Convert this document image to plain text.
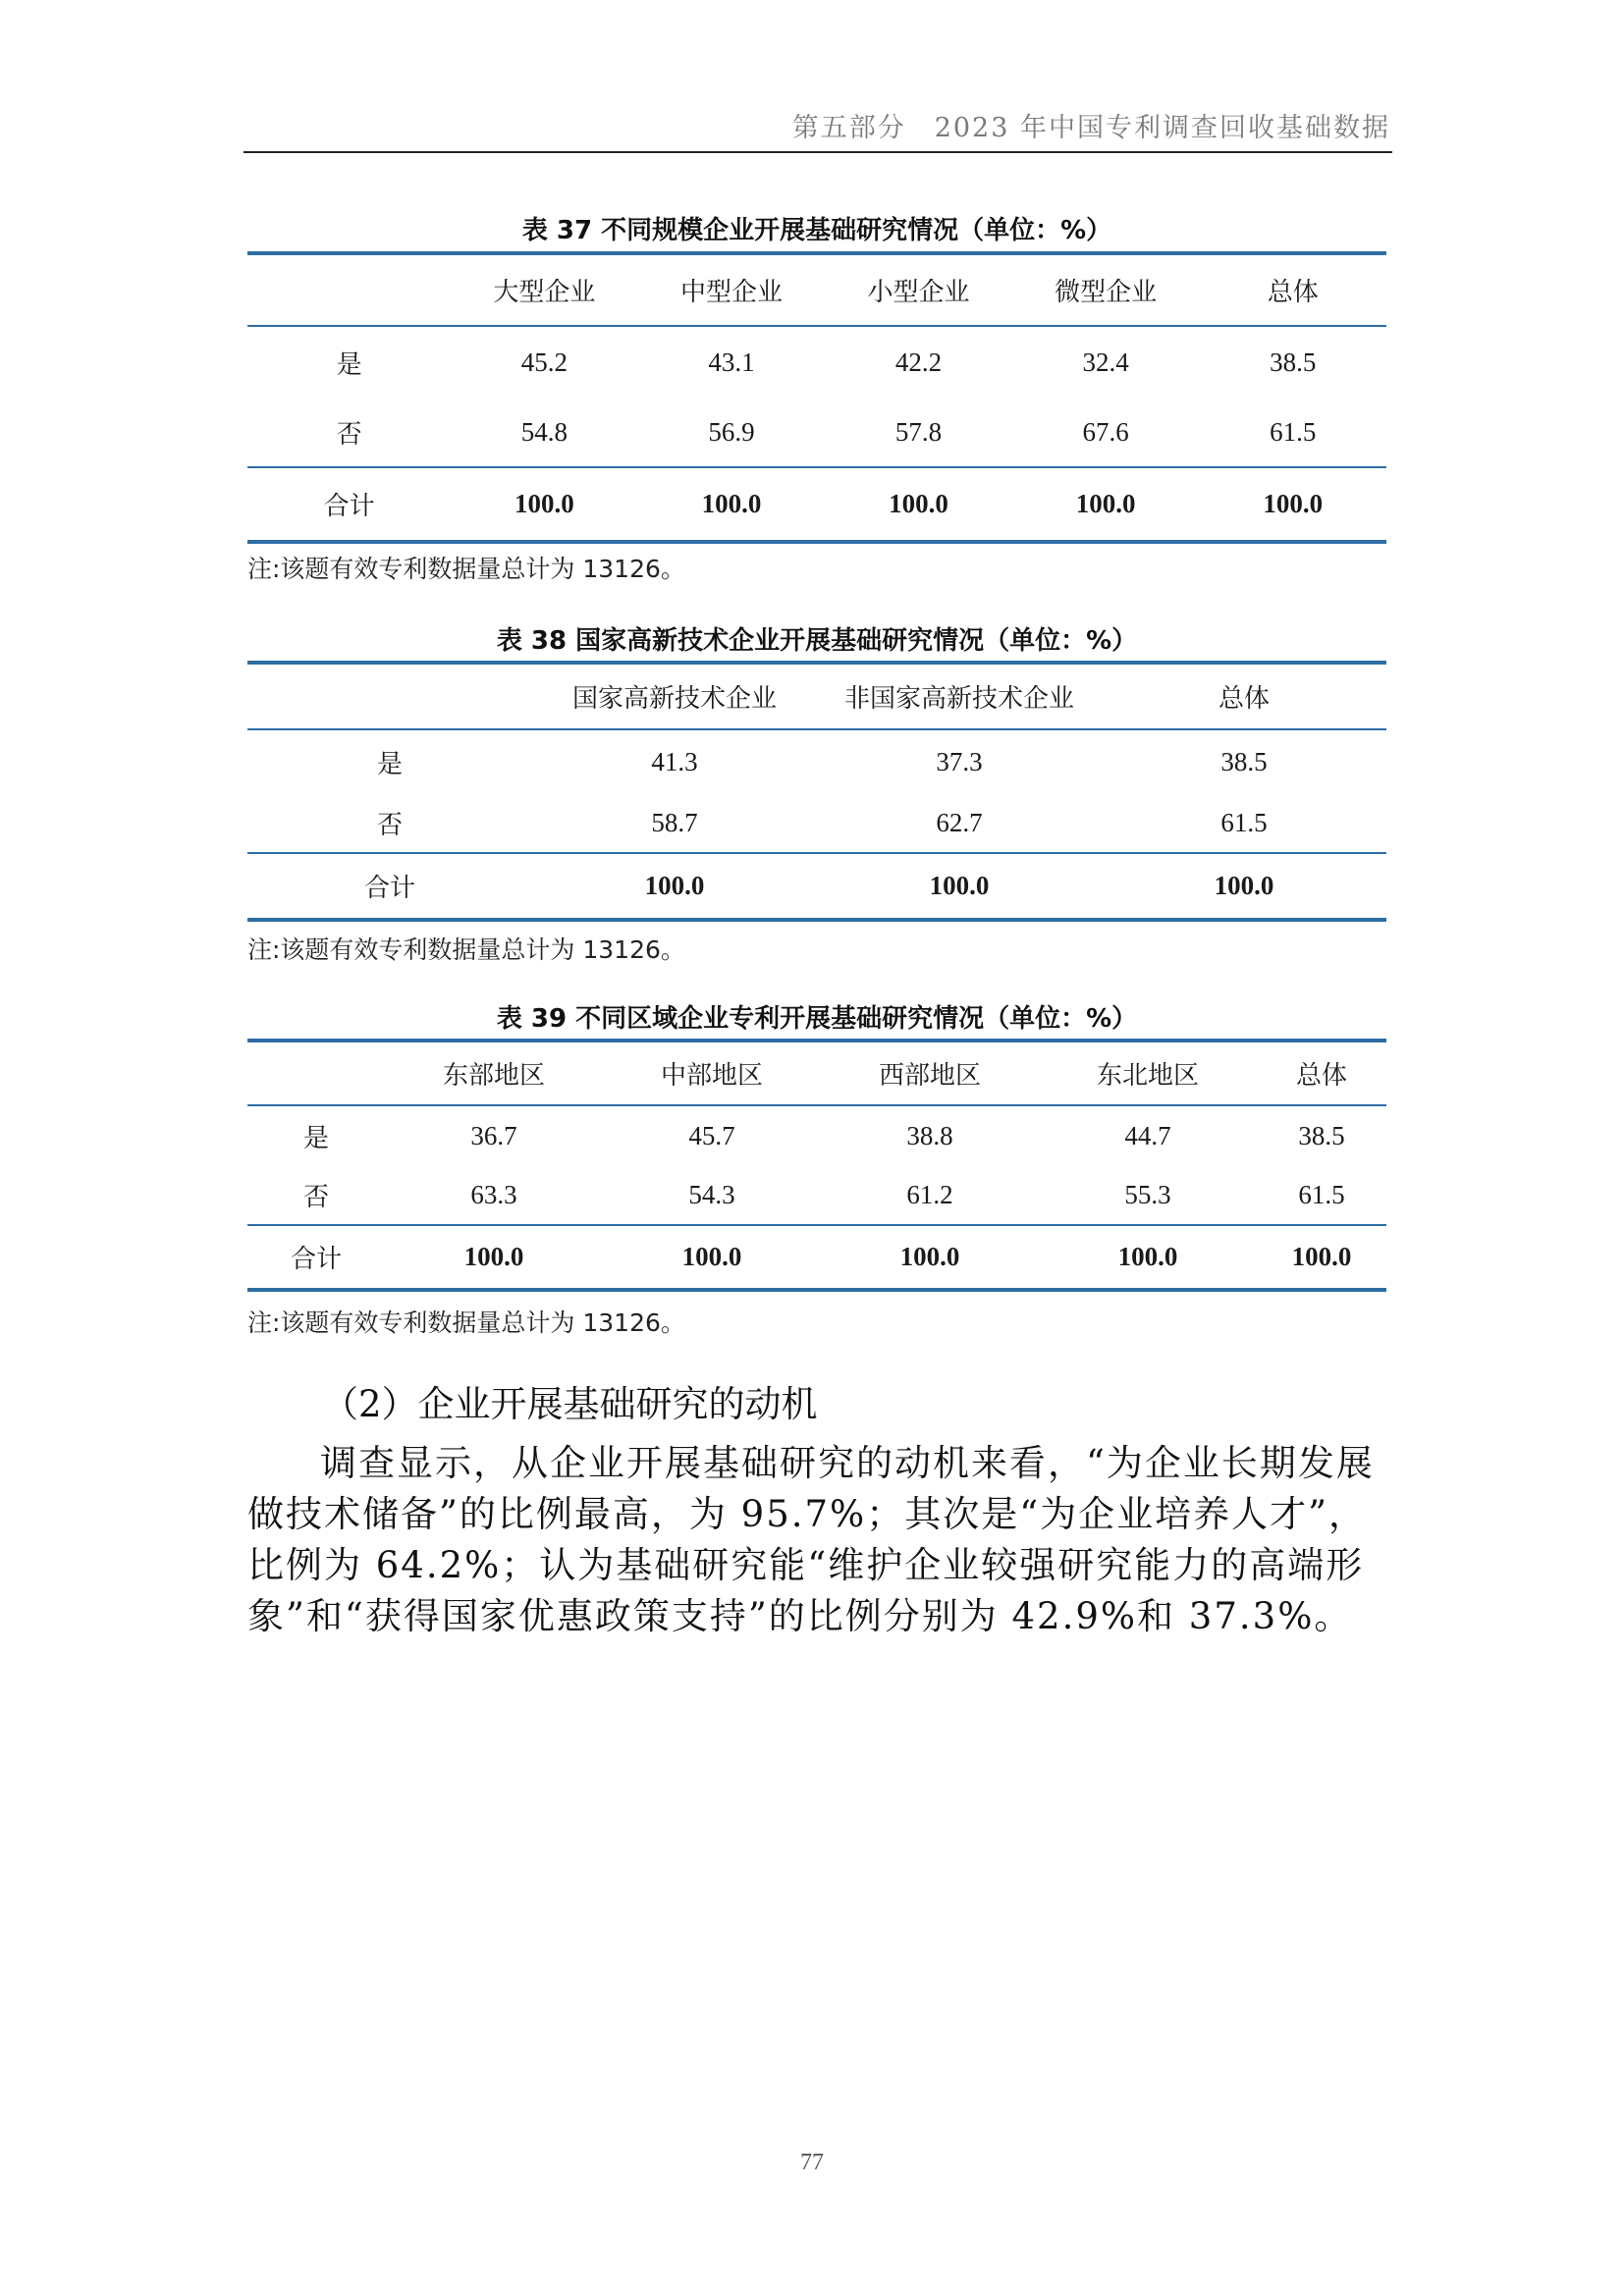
第五部分　2023 年中国专利调查回收基础数据
表 37 不同规模企业开展基础研究情况（单位：%）
	大型企业	中型企业	小型企业	微型企业	总体
是	45.2	43.1	42.2	32.4	38.5
否	54.8	56.9	57.8	67.6	61.5
合计	100.0	100.0	100.0	100.0	100.0
注:该题有效专利数据量总计为 13126。
表 38 国家高新技术企业开展基础研究情况（单位：%）
	国家高新技术企业	非国家高新技术企业	总体
是	41.3	37.3	38.5
否	58.7	62.7	61.5
合计	100.0	100.0	100.0
注:该题有效专利数据量总计为 13126。
表 39 不同区域企业专利开展基础研究情况（单位：%）
	东部地区	中部地区	西部地区	东北地区	总体
是	36.7	45.7	38.8	44.7	38.5
否	63.3	54.3	61.2	55.3	61.5
合计	100.0	100.0	100.0	100.0	100.0
注:该题有效专利数据量总计为 13126。
（2）企业开展基础研究的动机

调查显示，从企业开展基础研究的动机来看，“为企业长期发展做技术储备”的比例最高，为 95.7%；其次是“为企业培养人才”，比例为 64.2%；认为基础研究能“维护企业较强研究能力的高端形象”和“获得国家优惠政策支持”的比例分别为 42.9%和 37.3%。

77
